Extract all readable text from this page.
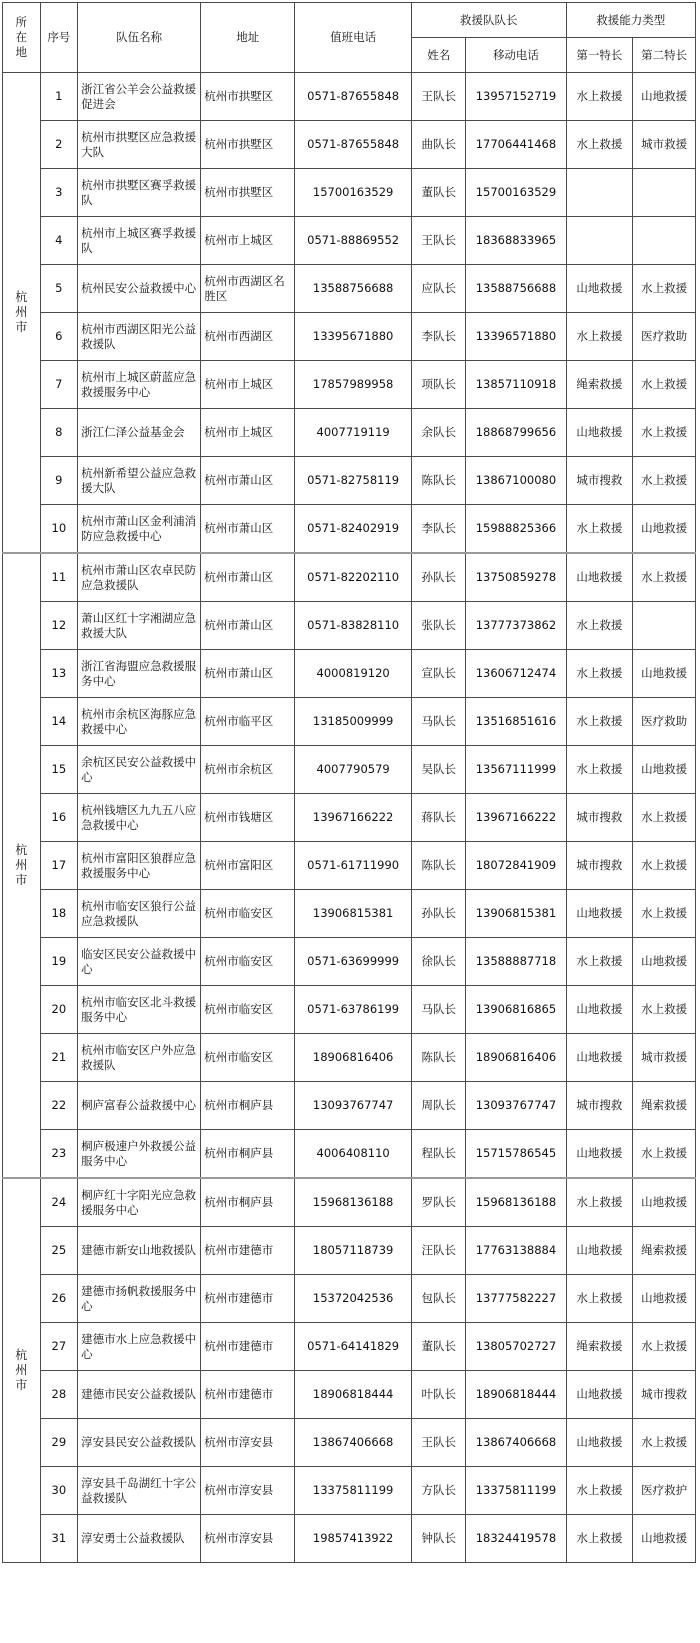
所在地	序号	队伍名称	地址	值班电话	救援队队长		救援能力类型	
					姓名	移动电话	第一特长	第二特长
杭州市	1	浙江省公羊会公益救援促进会	杭州市拱墅区	0571-87655848	王队长	13957152719	水上救援	山地救援
	2	杭州市拱墅区应急救援大队	杭州市拱墅区	0571-87655848	曲队长	17706441468	水上救援	城市救援
	3	杭州市拱墅区赛孚救援队	杭州市拱墅区	15700163529	董队长	15700163529		
	4	杭州市上城区赛孚救援队	杭州市上城区	0571-88869552	王队长	18368833965		
	5	杭州民安公益救援中心	杭州市西湖区名胜区	13588756688	应队长	13588756688	山地救援	水上救援
	6	杭州市西湖区阳光公益救援队	杭州市西湖区	13395671880	李队长	13396571880	水上救援	医疗救助
	7	杭州市上城区蔚蓝应急救援服务中心	杭州市上城区	17857989958	项队长	13857110918	绳索救援	水上救援
	8	浙江仁泽公益基金会	杭州市上城区	4007719119	余队长	18868799656	山地救援	水上救援
	9	杭州新希望公益应急救援大队	杭州市萧山区	0571-82758119	陈队长	13867100080	城市搜救	水上救援
	10	杭州市萧山区金利浦消防应急救援中心	杭州市萧山区	0571-82402919	李队长	15988825366	水上救援	山地救援
杭州市	11	杭州市萧山区农卓民防应急救援队	杭州市萧山区	0571-82202110	孙队长	13750859278	山地救援	水上救援
	12	萧山区红十字湘湖应急救援大队	杭州市萧山区	0571-83828110	张队长	13777373862	水上救援	
	13	浙江省海盟应急救援服务中心	杭州市萧山区	4000819120	宣队长	13606712474	水上救援	山地救援
	14	杭州市余杭区海豚应急救援中心	杭州市临平区	13185009999	马队长	13516851616	水上救援	医疗救助
	15	余杭区民安公益救援中心	杭州市余杭区	4007790579	吴队长	13567111999	水上救援	山地救援
	16	杭州钱塘区九九五八应急救援中心	杭州市钱塘区	13967166222	蒋队长	13967166222	城市搜救	水上救援
	17	杭州市富阳区狼群应急救援服务中心	杭州市富阳区	0571-61711990	陈队长	18072841909	城市搜救	水上救援
	18	杭州市临安区狼行公益应急救援队	杭州市临安区	13906815381	孙队长	13906815381	山地救援	水上救援
	19	临安区民安公益救援中心	杭州市临安区	0571-63699999	徐队长	13588887718	水上救援	山地救援
	20	杭州市临安区北斗救援服务中心	杭州市临安区	0571-63786199	马队长	13906816865	山地救援	水上救援
	21	杭州市临安区户外应急救援队	杭州市临安区	18906816406	陈队长	18906816406	山地救援	城市救援
	22	桐庐富春公益救援中心	杭州市桐庐县	13093767747	周队长	13093767747	城市搜救	绳索救援
	23	桐庐极速户外救援公益服务中心	杭州市桐庐县	4006408110	程队长	15715786545	山地救援	水上救援
杭州市	24	桐庐红十字阳光应急救援服务中心	杭州市桐庐县	15968136188	罗队长	15968136188	水上救援	山地救援
	25	建德市新安山地救援队	杭州市建德市	18057118739	汪队长	17763138884	山地救援	绳索救援
	26	建德市扬帆救援服务中心	杭州市建德市	15372042536	包队长	13777582227	水上救援	山地救援
	27	建德市水上应急救援中心	杭州市建德市	0571-64141829	董队长	13805702727	绳索救援	水上救援
	28	建德市民安公益救援队	杭州市建德市	18906818444	叶队长	18906818444	山地救援	城市搜救
	29	淳安县民安公益救援队	杭州市淳安县	13867406668	王队长	13867406668	山地救援	水上救援
	30	淳安县千岛湖红十字公益救援队	杭州市淳安县	13375811199	方队长	13375811199	水上救援	医疗救护
	31	淳安勇士公益救援队	杭州市淳安县	19857413922	钟队长	18324419578	水上救援	山地救援
